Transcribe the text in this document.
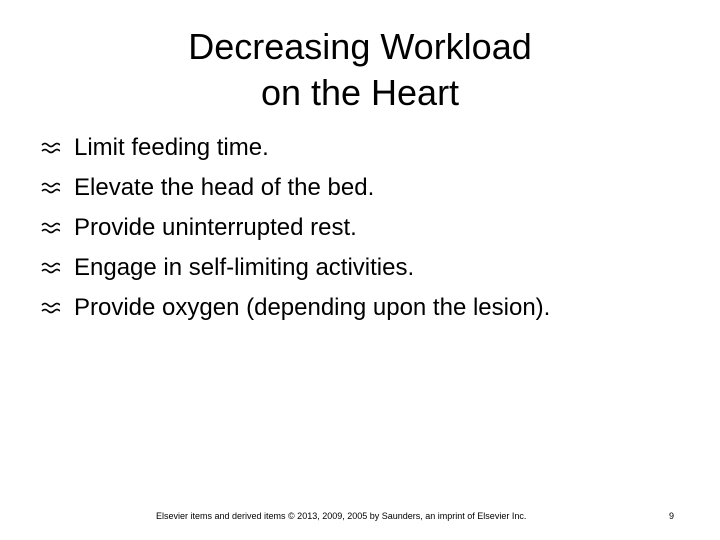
Decreasing Workload
on the Heart
Limit feeding time.
Elevate the head of the bed.
Provide uninterrupted rest.
Engage in self-limiting activities.
Provide oxygen (depending upon the lesion).
Elsevier items and derived items © 2013, 2009, 2005 by Saunders, an imprint of Elsevier Inc.	9
